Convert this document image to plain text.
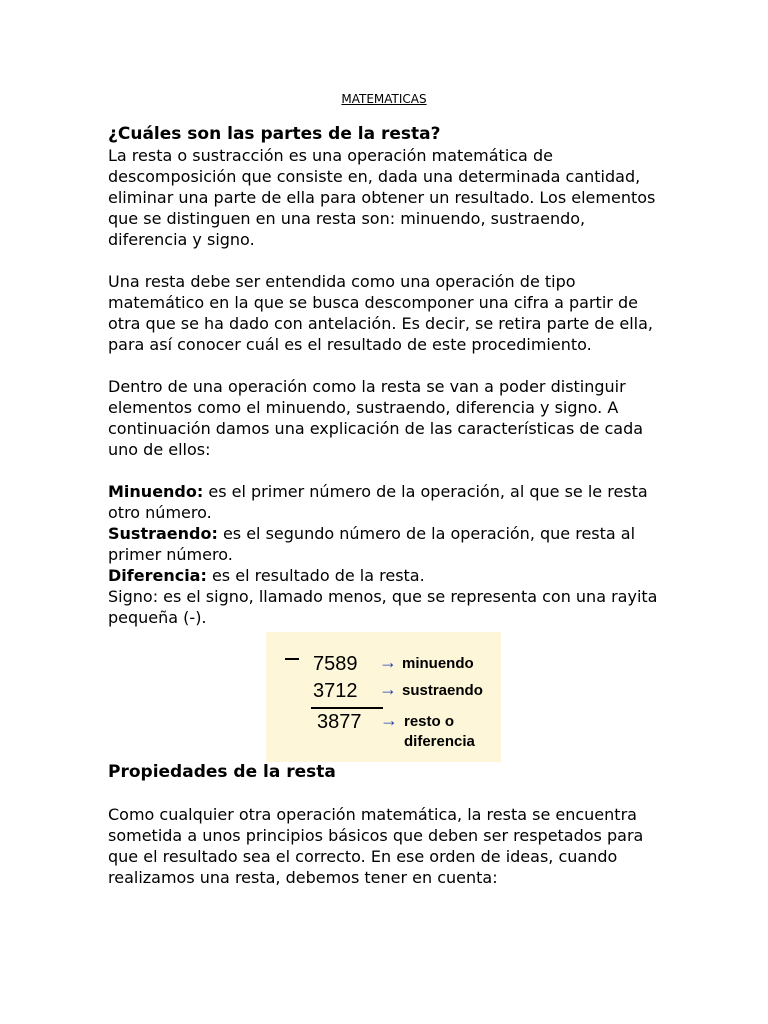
MATEMATICAS

¿Cuáles son las partes de la resta?

La resta o sustracción es una operación matemática de descomposición que consiste en, dada una determinada cantidad, eliminar una parte de ella para obtener un resultado. Los elementos que se distinguen en una resta son: minuendo, sustraendo, diferencia y signo.

Una resta debe ser entendida como una operación de tipo matemático en la que se busca descomponer una cifra a partir de otra que se ha dado con antelación. Es decir, se retira parte de ella, para así conocer cuál es el resultado de este procedimiento.

Dentro de una operación como la resta se van a poder distinguir elementos como el minuendo, sustraendo, diferencia y signo. A continuación damos una explicación de las características de cada uno de ellos:

Minuendo: es el primer número de la operación, al que se le resta otro número.

Sustraendo: es el segundo número de la operación, que resta al primer número.

Diferencia: es el resultado de la resta.

Signo: es el signo, llamado menos, que se representa con una rayita pequeña (-).

7589 → minuendo
3712 → sustraendo
3877 → resto o
diferencia

Propiedades de la resta

Como cualquier otra operación matemática, la resta se encuentra sometida a unos principios básicos que deben ser respetados para que el resultado sea el correcto. En ese orden de ideas, cuando realizamos una resta, debemos tener en cuenta:
